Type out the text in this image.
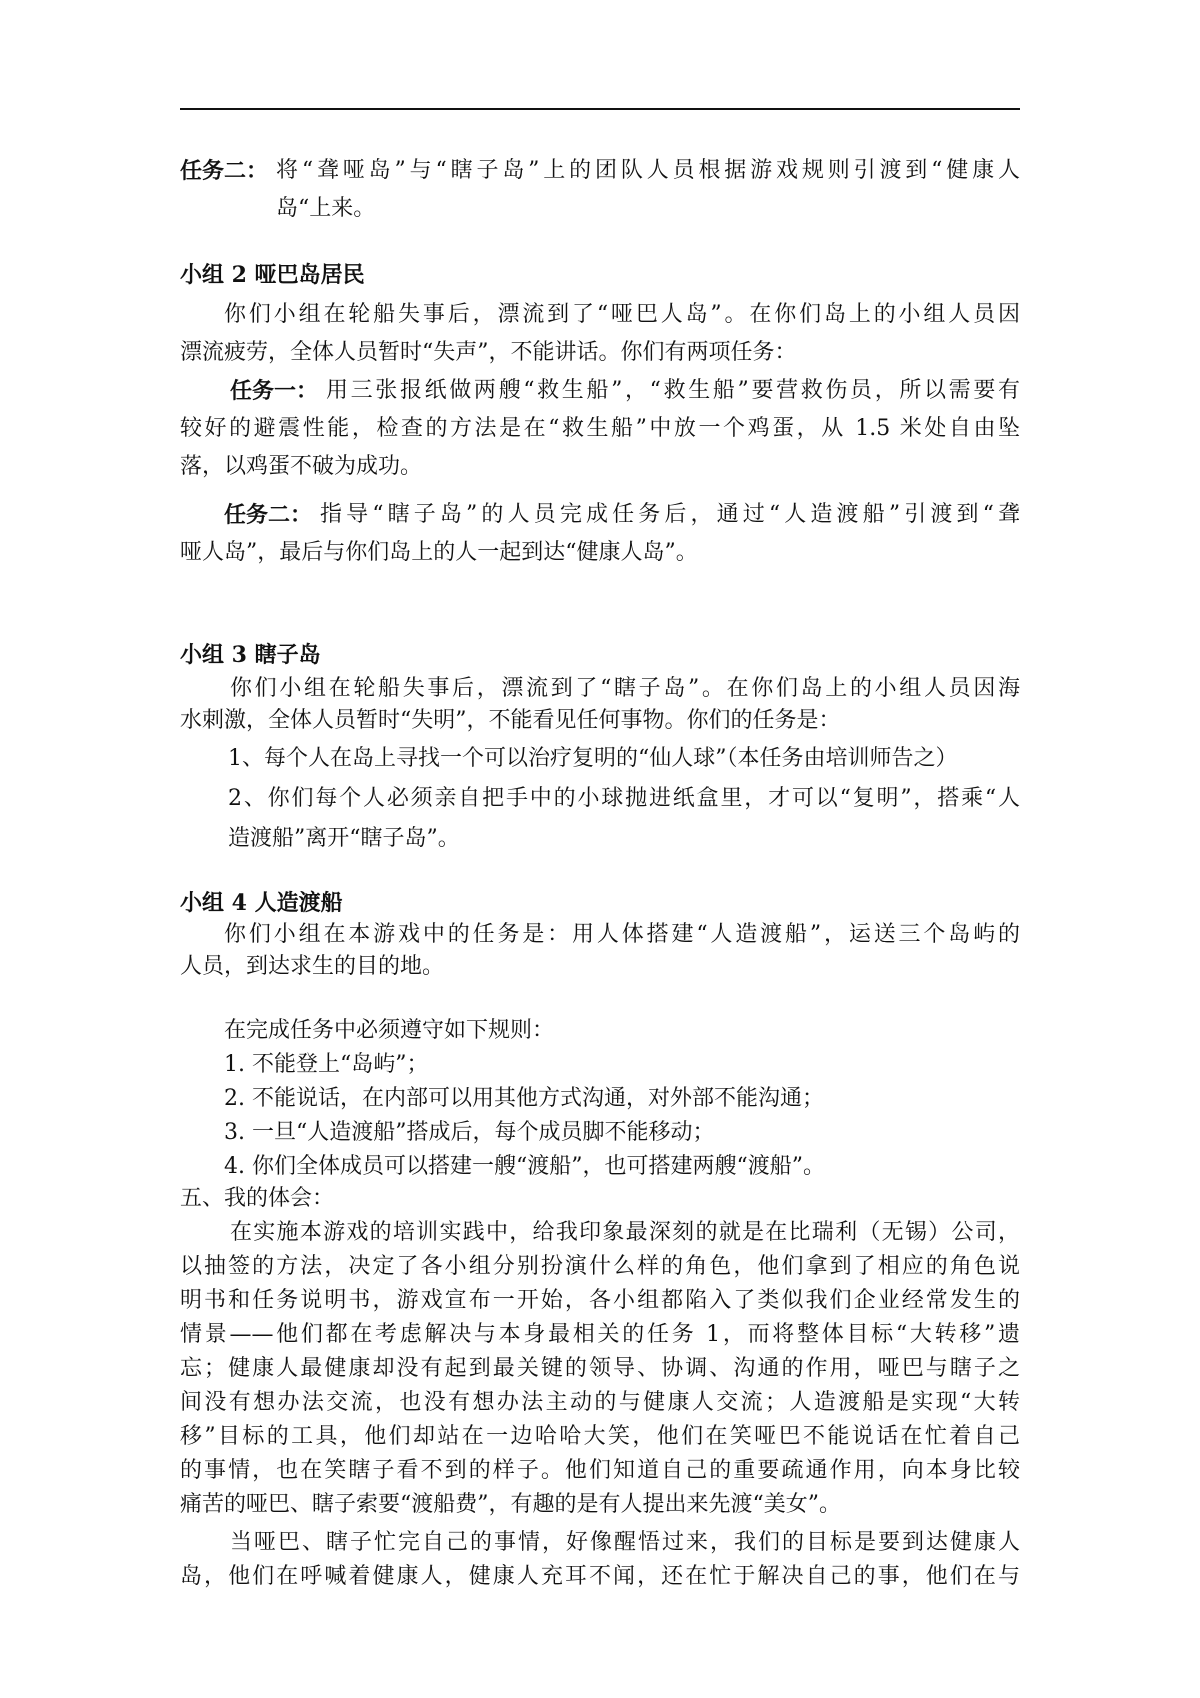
任务二： 将“聋哑岛”与“瞎子岛”上的团队人员根据游戏规则引渡到“健康人
岛“上来。
小组 2 哑巴岛居民
你们小组在轮船失事后，漂流到了“哑巴人岛”。在你们岛上的小组人员因
漂流疲劳，全体人员暂时“失声”，不能讲话。你们有两项任务：
任务一： 用三张报纸做两艘“救生船”，“救生船”要营救伤员，所以需要有
较好的避震性能，检查的方法是在“救生船”中放一个鸡蛋，从 1.5 米处自由坠
落，以鸡蛋不破为成功。
任务二： 指导“瞎子岛”的人员完成任务后，通过“人造渡船”引渡到“聋
哑人岛”，最后与你们岛上的人一起到达“健康人岛”。
小组 3 瞎子岛
你们小组在轮船失事后，漂流到了“瞎子岛”。在你们岛上的小组人员因海
水刺激，全体人员暂时“失明”，不能看见任何事物。你们的任务是：
1、每个人在岛上寻找一个可以治疗复明的“仙人球”（本任务由培训师告之）
2、你们每个人必须亲自把手中的小球抛进纸盒里，才可以“复明”，搭乘“人
造渡船”离开“瞎子岛”。
小组 4 人造渡船
你们小组在本游戏中的任务是：用人体搭建“人造渡船”，运送三个岛屿的
人员，到达求生的目的地。
在完成任务中必须遵守如下规则：
1. 不能登上“岛屿”；
2. 不能说话，在内部可以用其他方式沟通，对外部不能沟通；
3. 一旦“人造渡船”搭成后，每个成员脚不能移动；
4. 你们全体成员可以搭建一艘“渡船”，也可搭建两艘“渡船”。
五、我的体会：
在实施本游戏的培训实践中，给我印象最深刻的就是在比瑞利（无锡）公司，
以抽签的方法，决定了各小组分别扮演什么样的角色，他们拿到了相应的角色说
明书和任务说明书，游戏宣布一开始，各小组都陷入了类似我们企业经常发生的
情景——他们都在考虑解决与本身最相关的任务 1，而将整体目标“大转移”遗
忘；健康人最健康却没有起到最关键的领导、协调、沟通的作用，哑巴与瞎子之
间没有想办法交流，也没有想办法主动的与健康人交流；人造渡船是实现“大转
移”目标的工具，他们却站在一边哈哈大笑，他们在笑哑巴不能说话在忙着自己
的事情，也在笑瞎子看不到的样子。他们知道自己的重要疏通作用，向本身比较
痛苦的哑巴、瞎子索要“渡船费”，有趣的是有人提出来先渡“美女”。
当哑巴、瞎子忙完自己的事情，好像醒悟过来，我们的目标是要到达健康人
岛，他们在呼喊着健康人，健康人充耳不闻，还在忙于解决自己的事，他们在与
